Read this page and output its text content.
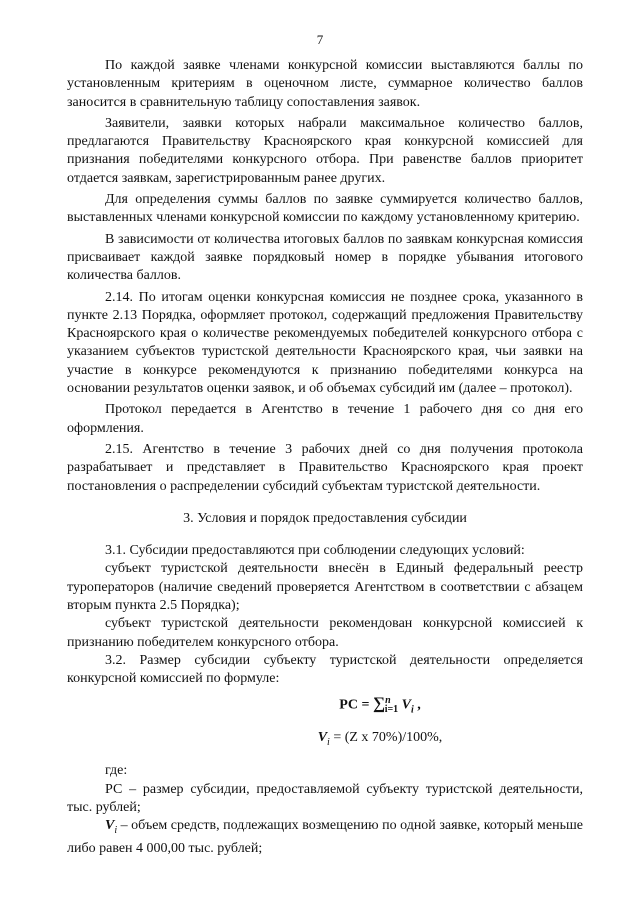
7

По каждой заявке членами конкурсной комиссии выставляются баллы по установленным критериям в оценочном листе, суммарное количество баллов заносится в сравнительную таблицу сопоставления заявок.

Заявители, заявки которых набрали максимальное количество баллов, предлагаются Правительству Красноярского края конкурсной комиссией для признания победителями конкурсного отбора. При равенстве баллов приоритет отдается заявкам, зарегистрированным ранее других.

Для определения суммы баллов по заявке суммируется количество баллов, выставленных членами конкурсной комиссии по каждому установленному критерию.

В зависимости от количества итоговых баллов по заявкам конкурсная комиссия присваивает каждой заявке порядковый номер в порядке убывания итогового количества баллов.

2.14. По итогам оценки конкурсная комиссия не позднее срока, указанного в пункте 2.13 Порядка, оформляет протокол, содержащий предложения Правительству Красноярского края о количестве рекомендуемых победителей конкурсного отбора с указанием субъектов туристской деятельности Красноярского края, чьи заявки на участие в конкурсе рекомендуются к признанию победителями конкурса на основании результатов оценки заявок, и об объемах субсидий им (далее – протокол).

Протокол передается в Агентство в течение 1 рабочего дня со дня его оформления.

2.15. Агентство в течение 3 рабочих дней со дня получения протокола разрабатывает и представляет в Правительство Красноярского края проект постановления о распределении субсидий субъектам туристской деятельности.

3. Условия и порядок предоставления субсидии

3.1. Субсидии предоставляются при соблюдении следующих условий:

субъект туристской деятельности внесён в Единый федеральный реестр туроператоров (наличие сведений проверяется Агентством в соответствии с абзацем вторым пункта 2.5 Порядка);

субъект туристской деятельности рекомендован конкурсной комиссией к признанию победителем конкурсного отбора.

3.2. Размер субсидии субъекту туристской деятельности определяется конкурсной комиссией по формуле:

РС = ∑$^n_{i=1}$ $V_i$ ,
$V_i = (Z$ x 70%)/100%,

где:

РС – размер субсидии, предоставляемой субъекту туристской деятельности, тыс. рублей;

$V_i$ – объем средств, подлежащих возмещению по одной заявке, который меньше либо равен 4 000,00 тыс. рублей;
